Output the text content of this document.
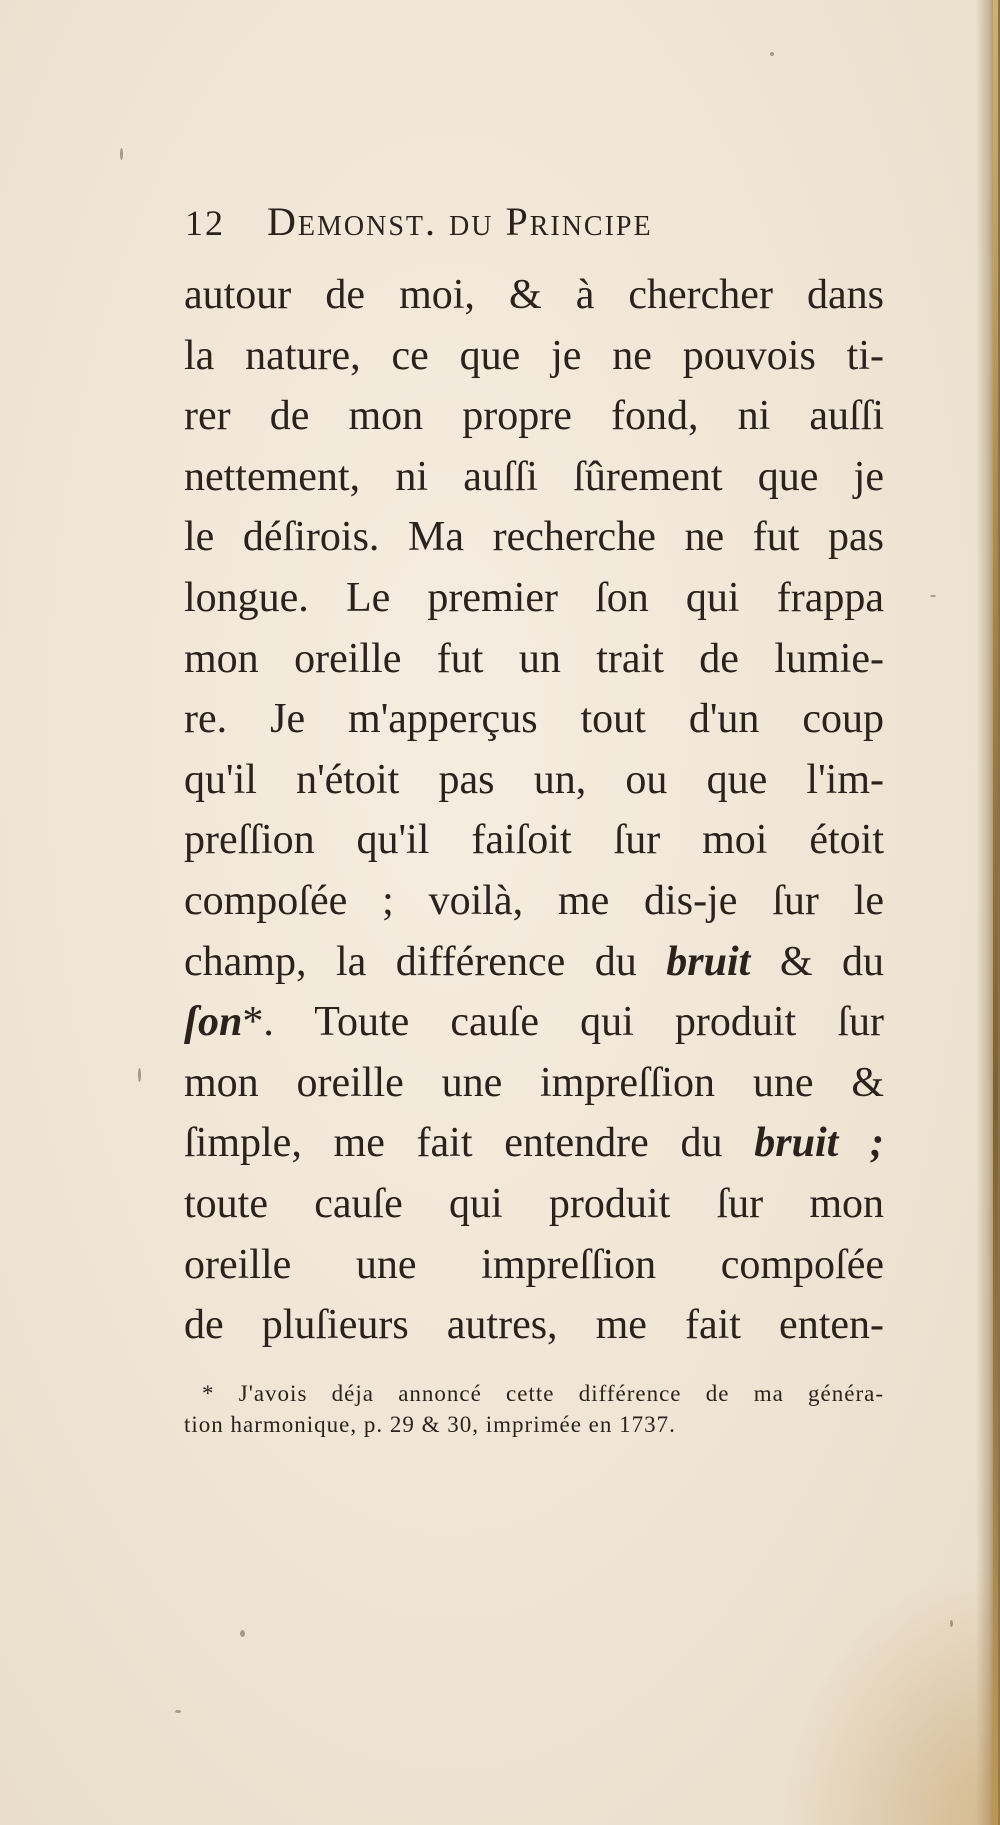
12 Demonst. du Principe
autour de moi, & à chercher dans
la nature, ce que je ne pouvois ti-
rer de mon propre fond, ni auſſi
nettement, ni auſſi ſûrement que je
le déſirois. Ma recherche ne fut pas
longue. Le premier ſon qui frappa
mon oreille fut un trait de lumie-
re. Je m'apperçus tout d'un coup
qu'il n'étoit pas un, ou que l'im-
preſſion qu'il faiſoit ſur moi étoit
compoſée ; voilà, me dis-je ſur le
champ, la différence du bruit & du
ſon*. Toute cauſe qui produit ſur
mon oreille une impreſſion une &
ſimple, me fait entendre du bruit ;
toute cauſe qui produit ſur mon
oreille une impreſſion compoſée
de pluſieurs autres, me fait enten-
* J'avois déja annoncé cette différence de ma généra-
tion harmonique, p. 29 & 30, imprimée en 1737.
